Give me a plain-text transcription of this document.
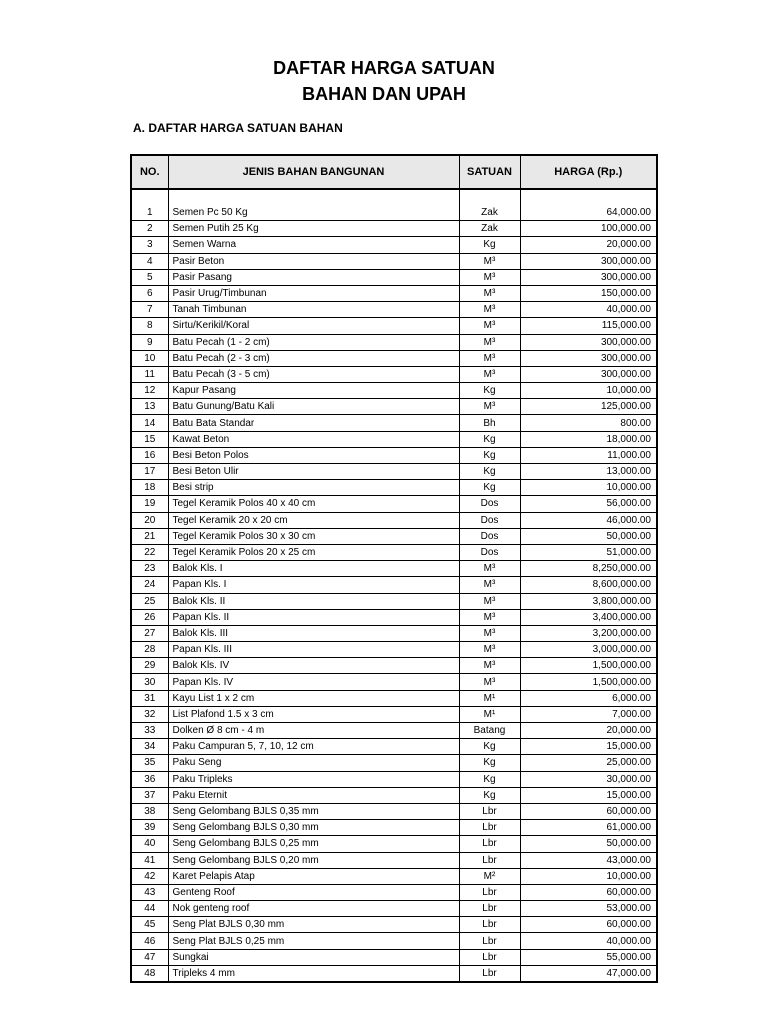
DAFTAR HARGA SATUAN
BAHAN DAN UPAH
A. DAFTAR HARGA SATUAN BAHAN
NO.	JENIS BAHAN BANGUNAN	SATUAN	HARGA (Rp.)

1	Semen Pc 50 Kg	Zak	64,000.00
2	Semen Putih 25 Kg	Zak	100,000.00
3	Semen Warna	Kg	20,000.00
4	Pasir Beton	M³	300,000.00
5	Pasir Pasang	M³	300,000.00
6	Pasir Urug/Timbunan	M³	150,000.00
7	Tanah Timbunan	M³	40,000.00
8	Sirtu/Kerikil/Koral	M³	115,000.00
9	Batu Pecah (1 - 2 cm)	M³	300,000.00
10	Batu Pecah (2 - 3 cm)	M³	300,000.00
11	Batu Pecah (3 - 5 cm)	M³	300,000.00
12	Kapur Pasang	Kg	10,000.00
13	Batu Gunung/Batu Kali	M³	125,000.00
14	Batu Bata Standar	Bh	800.00
15	Kawat Beton	Kg	18,000.00
16	Besi Beton Polos	Kg	11,000.00
17	Besi Beton Ulir	Kg	13,000.00
18	Besi strip	Kg	10,000.00
19	Tegel Keramik Polos 40 x 40 cm	Dos	56,000.00
20	Tegel Keramik 20 x 20 cm	Dos	46,000.00
21	Tegel Keramik Polos 30 x 30 cm	Dos	50,000.00
22	Tegel Keramik Polos 20 x 25 cm	Dos	51,000.00
23	Balok Kls. I	M³	8,250,000.00
24	Papan Kls. I	M³	8,600,000.00
25	Balok Kls. II	M³	3,800,000.00
26	Papan Kls. II	M³	3,400,000.00
27	Balok Kls. III	M³	3,200,000.00
28	Papan Kls. III	M³	3,000,000.00
29	Balok Kls. IV	M³	1,500,000.00
30	Papan Kls. IV	M³	1,500,000.00
31	Kayu List 1 x 2 cm	M¹	6,000.00
32	List Plafond 1.5 x 3 cm	M¹	7,000.00
33	Dolken Ø 8 cm - 4 m	Batang	20,000.00
34	Paku Campuran 5, 7, 10, 12 cm	Kg	15,000.00
35	Paku Seng	Kg	25,000.00
36	Paku Tripleks	Kg	30,000.00
37	Paku Eternit	Kg	15,000.00
38	Seng Gelombang BJLS 0,35 mm	Lbr	60,000.00
39	Seng Gelombang BJLS 0,30 mm	Lbr	61,000.00
40	Seng Gelombang BJLS 0,25 mm	Lbr	50,000.00
41	Seng Gelombang BJLS 0,20 mm	Lbr	43,000.00
42	Karet Pelapis Atap	M²	10,000.00
43	Genteng Roof	Lbr	60,000.00
44	Nok genteng roof	Lbr	53,000.00
45	Seng Plat BJLS 0,30 mm	Lbr	60,000.00
46	Seng Plat BJLS 0,25 mm	Lbr	40,000.00
47	Sungkai	Lbr	55,000.00
48	Tripleks 4 mm	Lbr	47,000.00
